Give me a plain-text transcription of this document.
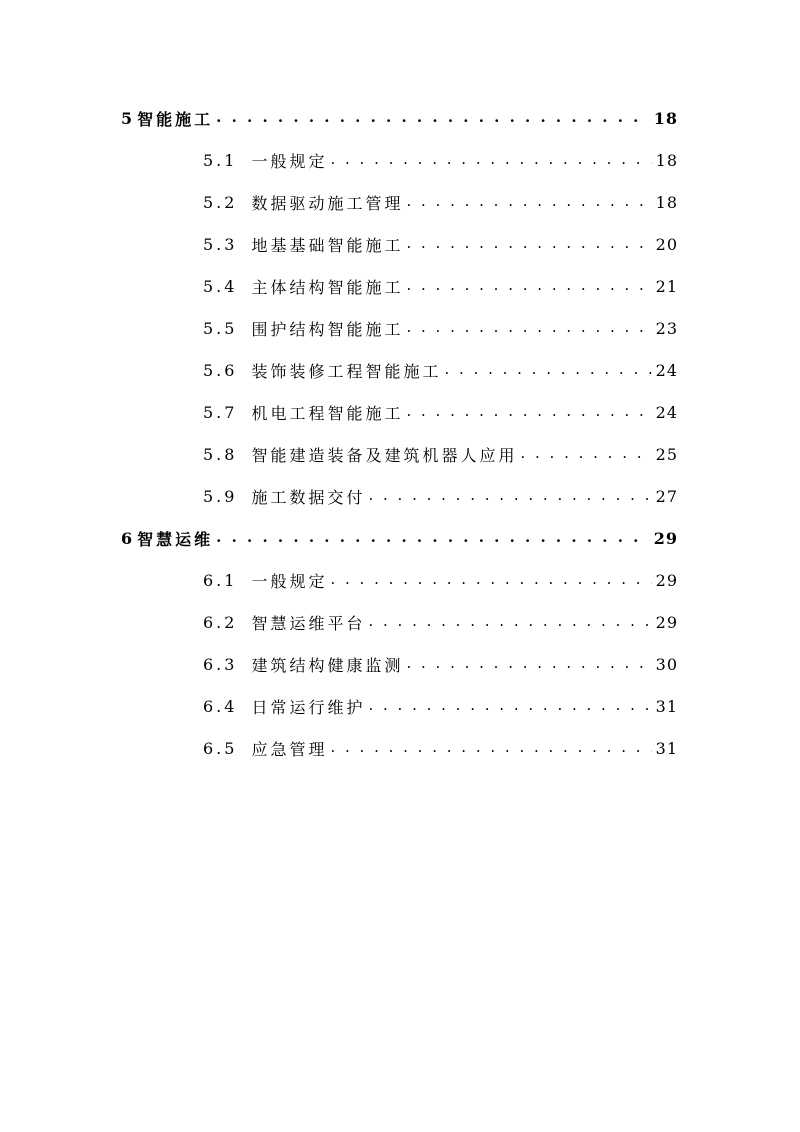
5 智能施工 . . .	18
5.1 一般规定 . . .	18
5.2 数据驱动施工管理 . . .	18
5.3 地基基础智能施工 . . .	20
5.4 主体结构智能施工 . . .	21
5.5 围护结构智能施工 . . .	23
5.6 装饰装修工程智能施工 . . .	24
5.7 机电工程智能施工 . . .	24
5.8 智能建造装备及建筑机器人应用 . . .	25
5.9 施工数据交付 . . .	27
6 智慧运维 . . .	29
6.1 一般规定 . . .	29
6.2 智慧运维平台 . . .	29
6.3 建筑结构健康监测 . . .	30
6.4 日常运行维护 . . .	31
6.5 应急管理 . . .	31
